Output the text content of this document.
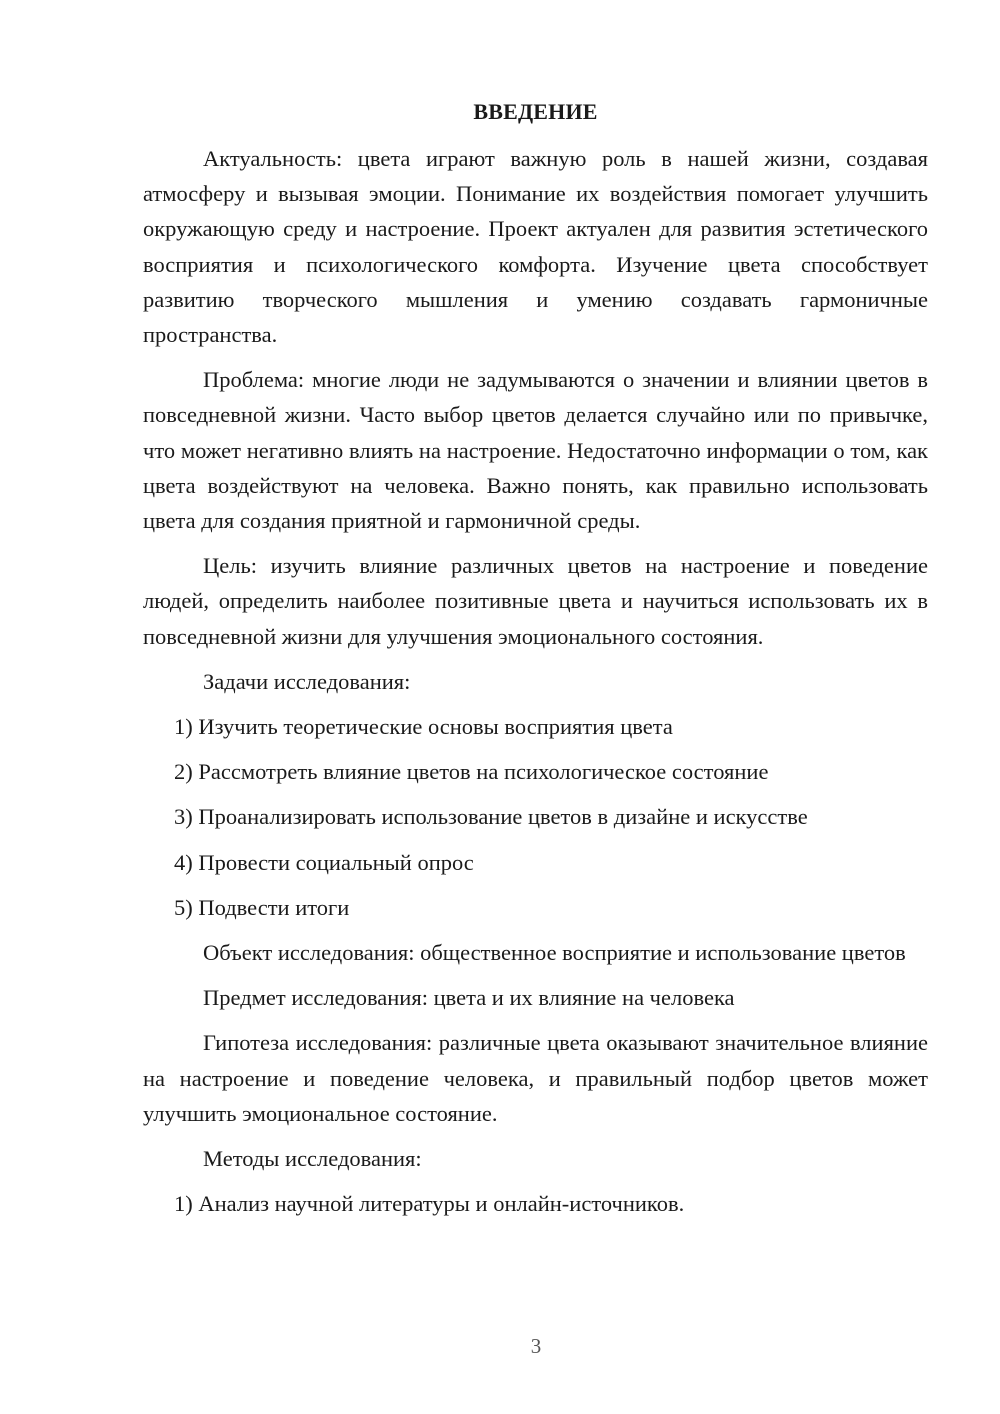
ВВЕДЕНИЕ

Актуальность: цвета играют важную роль в нашей жизни, создавая атмосферу и вызывая эмоции. Понимание их воздействия помогает улучшить окружающую среду и настроение. Проект актуален для развития эстетического восприятия и психологического комфорта. Изучение цвета способствует развитию творческого мышления и умению создавать гармоничные пространства.

Проблема: многие люди не задумываются о значении и влиянии цветов в повседневной жизни. Часто выбор цветов делается случайно или по привычке, что может негативно влиять на настроение. Недостаточно информации о том, как цвета воздействуют на человека. Важно понять, как правильно использовать цвета для создания приятной и гармоничной среды.

Цель: изучить влияние различных цветов на настроение и поведение людей, определить наиболее позитивные цвета и научиться использовать их в повседневной жизни для улучшения эмоционального состояния.

Задачи исследования:

1) Изучить теоретические основы восприятия цвета
2) Рассмотреть влияние цветов на психологическое состояние
3) Проанализировать использование цветов в дизайне и искусстве
4) Провести социальный опрос
5) Подвести итоги

Объект исследования: общественное восприятие и использование цветов

Предмет исследования: цвета и их влияние на человека

Гипотеза исследования: различные цвета оказывают значительное влияние на настроение и поведение человека, и правильный подбор цветов может улучшить эмоциональное состояние.

Методы исследования:

1) Анализ научной литературы и онлайн-источников.
3
